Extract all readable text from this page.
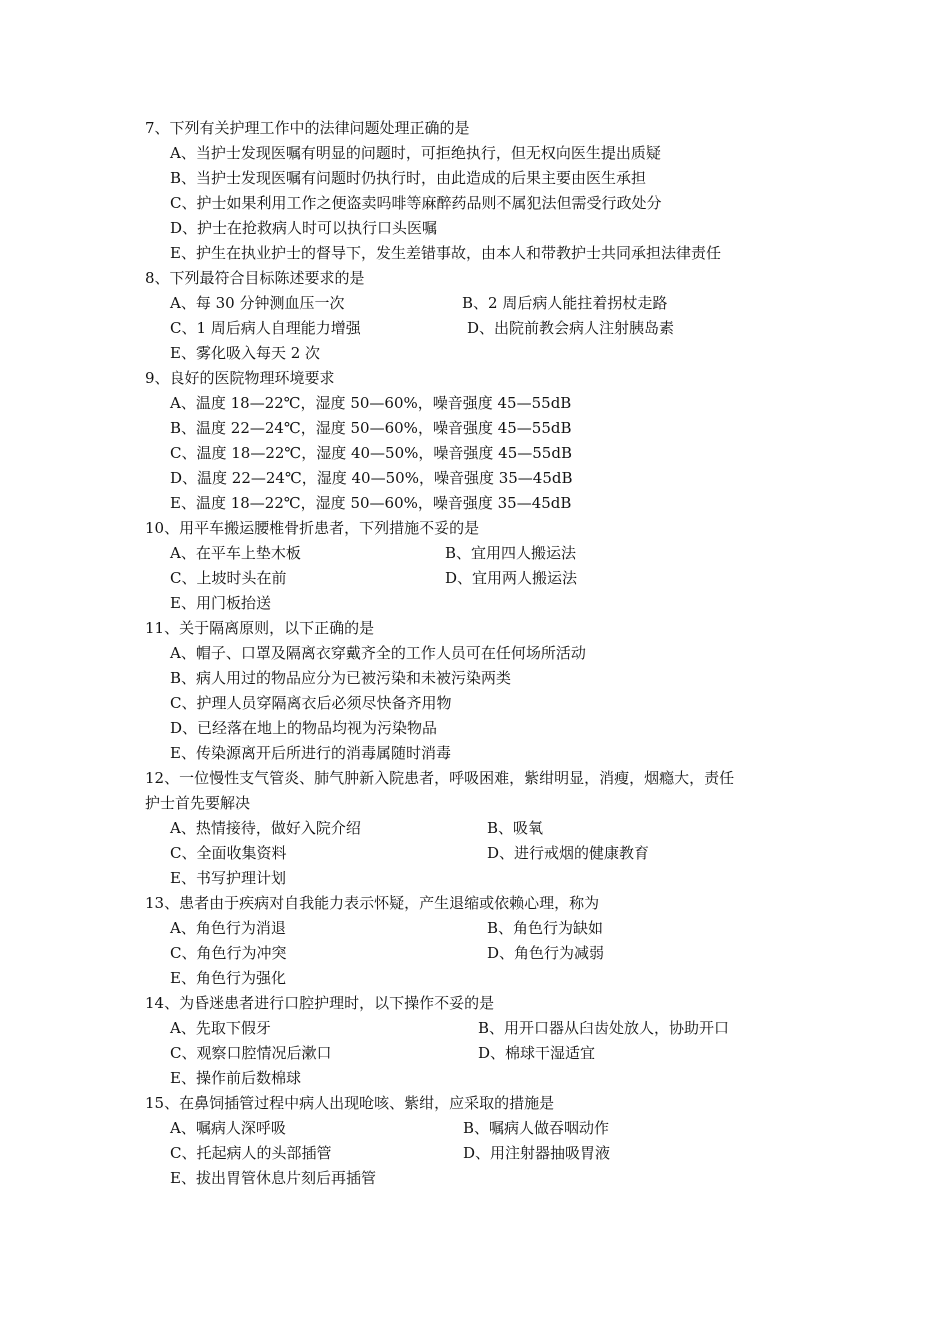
7、下列有关护理工作中的法律问题处理正确的是
A、当护士发现医嘱有明显的问题时，可拒绝执行，但无权向医生提出质疑
B、当护士发现医嘱有问题时仍执行时，由此造成的后果主要由医生承担
C、护士如果利用工作之便盗卖吗啡等麻醉药品则不属犯法但需受行政处分
D、护士在抢救病人时可以执行口头医嘱
E、护生在执业护士的督导下，发生差错事故，由本人和带教护士共同承担法律责任
8、下列最符合目标陈述要求的是
A、每 30 分钟测血压一次	B、2 周后病人能拄着拐杖走路
C、1 周后病人自理能力增强	D、出院前教会病人注射胰岛素
E、雾化吸入每天 2 次
9、良好的医院物理环境要求
A、温度 18—22℃，湿度 50—60%，噪音强度 45—55dB
B、温度 22—24℃，湿度 50—60%，噪音强度 45—55dB
C、温度 18—22℃，湿度 40—50%，噪音强度 45—55dB
D、温度 22—24℃，湿度 40—50%，噪音强度 35—45dB
E、温度 18—22℃，湿度 50—60%，噪音强度 35—45dB
10、用平车搬运腰椎骨折患者，下列措施不妥的是
A、在平车上垫木板	B、宜用四人搬运法
C、上坡时头在前	D、宜用两人搬运法
E、用门板抬送
11、关于隔离原则，以下正确的是
A、帽子、口罩及隔离衣穿戴齐全的工作人员可在任何场所活动
B、病人用过的物品应分为已被污染和未被污染两类
C、护理人员穿隔离衣后必须尽快备齐用物
D、已经落在地上的物品均视为污染物品
E、传染源离开后所进行的消毒属随时消毒
12、一位慢性支气管炎、肺气肿新入院患者，呼吸困难，紫绀明显，消瘦，烟瘾大，责任
护士首先要解决
A、热情接待，做好入院介绍	B、吸氧
C、全面收集资料	D、进行戒烟的健康教育
E、书写护理计划
13、患者由于疾病对自我能力表示怀疑，产生退缩或依赖心理，称为
A、角色行为消退	B、角色行为缺如
C、角色行为冲突	D、角色行为减弱
E、角色行为强化
14、为昏迷患者进行口腔护理时，以下操作不妥的是
A、先取下假牙	B、用开口器从臼齿处放人，协助开口
C、观察口腔情况后漱口	D、棉球干湿适宜
E、操作前后数棉球
15、在鼻饲插管过程中病人出现呛咳、紫绀，应采取的措施是
A、嘱病人深呼吸	B、嘱病人做吞咽动作
C、托起病人的头部插管	D、用注射器抽吸胃液
E、拔出胃管休息片刻后再插管
